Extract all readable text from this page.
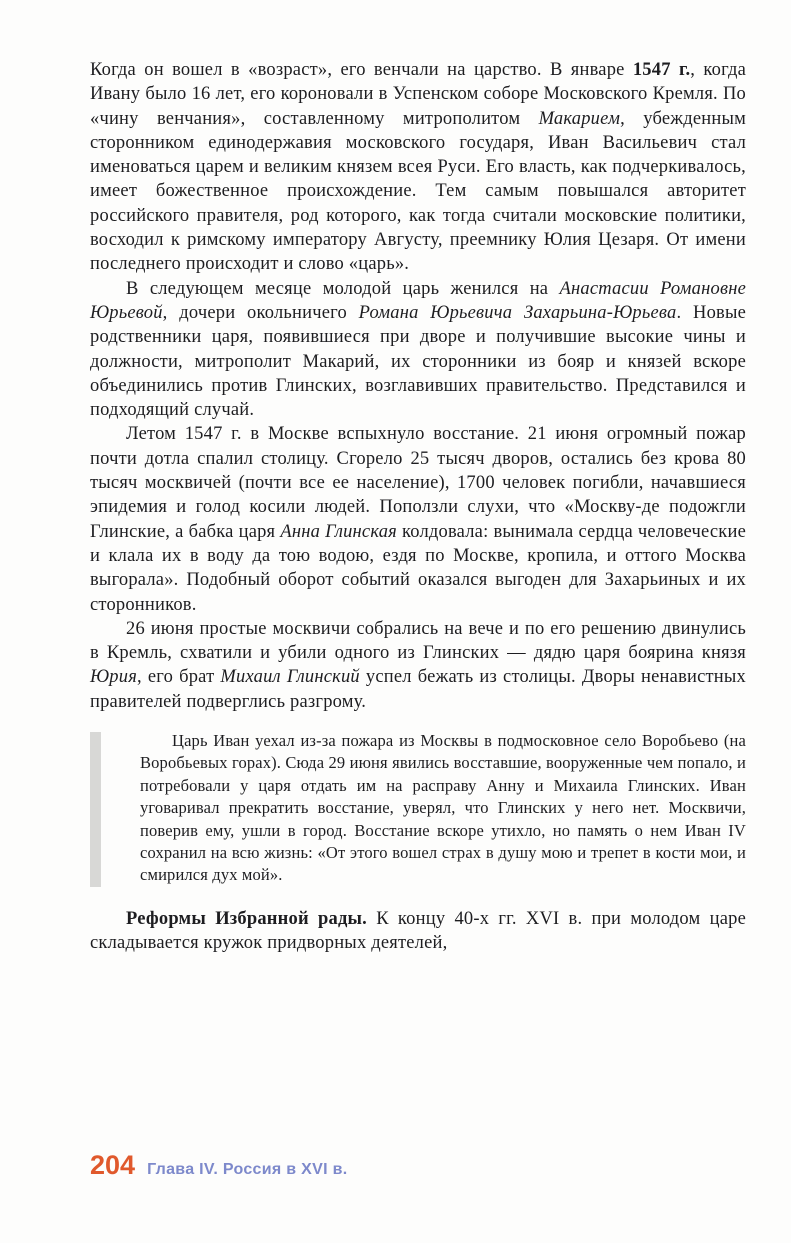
Когда он вошел в «возраст», его венчали на царство. В январе 1547 г., когда Ивану было 16 лет, его короновали в Успенском соборе Московского Кремля. По «чину венчания», составленному митрополитом Макарием, убежденным сторонником единодержавия московского государя, Иван Васильевич стал именоваться царем и великим князем всея Руси. Его власть, как подчеркивалось, имеет божественное происхождение. Тем самым повышался авторитет российского правителя, род которого, как тогда считали московские политики, восходил к римскому императору Августу, преемнику Юлия Цезаря. От имени последнего происходит и слово «царь».

В следующем месяце молодой царь женился на Анастасии Романовне Юрьевой, дочери окольничего Романа Юрьевича Захарьина-Юрьева. Новые родственники царя, появившиеся при дворе и получившие высокие чины и должности, митрополит Макарий, их сторонники из бояр и князей вскоре объединились против Глинских, возглавивших правительство. Представился и подходящий случай.

Летом 1547 г. в Москве вспыхнуло восстание. 21 июня огромный пожар почти дотла спалил столицу. Сгорело 25 тысяч дворов, остались без крова 80 тысяч москвичей (почти все ее население), 1700 человек погибли, начавшиеся эпидемия и голод косили людей. Поползли слухи, что «Москву-де подожгли Глинские, а бабка царя Анна Глинская колдовала: вынимала сердца человеческие и клала их в воду да тою водою, ездя по Москве, кропила, и оттого Москва выгорала». Подобный оборот событий оказался выгоден для Захарьиных и их сторонников.

26 июня простые москвичи собрались на вече и по его решению двинулись в Кремль, схватили и убили одного из Глинских — дядю царя боярина князя Юрия, его брат Михаил Глинский успел бежать из столицы. Дворы ненавистных правителей подверглись разгрому.

Царь Иван уехал из-за пожара из Москвы в подмосковное село Воробьево (на Воробьевых горах). Сюда 29 июня явились восставшие, вооруженные чем попало, и потребовали у царя отдать им на расправу Анну и Михаила Глинских. Иван уговаривал прекратить восстание, уверял, что Глинских у него нет. Москвичи, поверив ему, ушли в город. Восстание вскоре утихло, но память о нем Иван IV сохранил на всю жизнь: «От этого вошел страх в душу мою и трепет в кости мои, и смирился дух мой».

Реформы Избранной рады. К концу 40-х гг. XVI в. при молодом царе складывается кружок придворных деятелей,

204 Глава IV. Россия в XVI в.
